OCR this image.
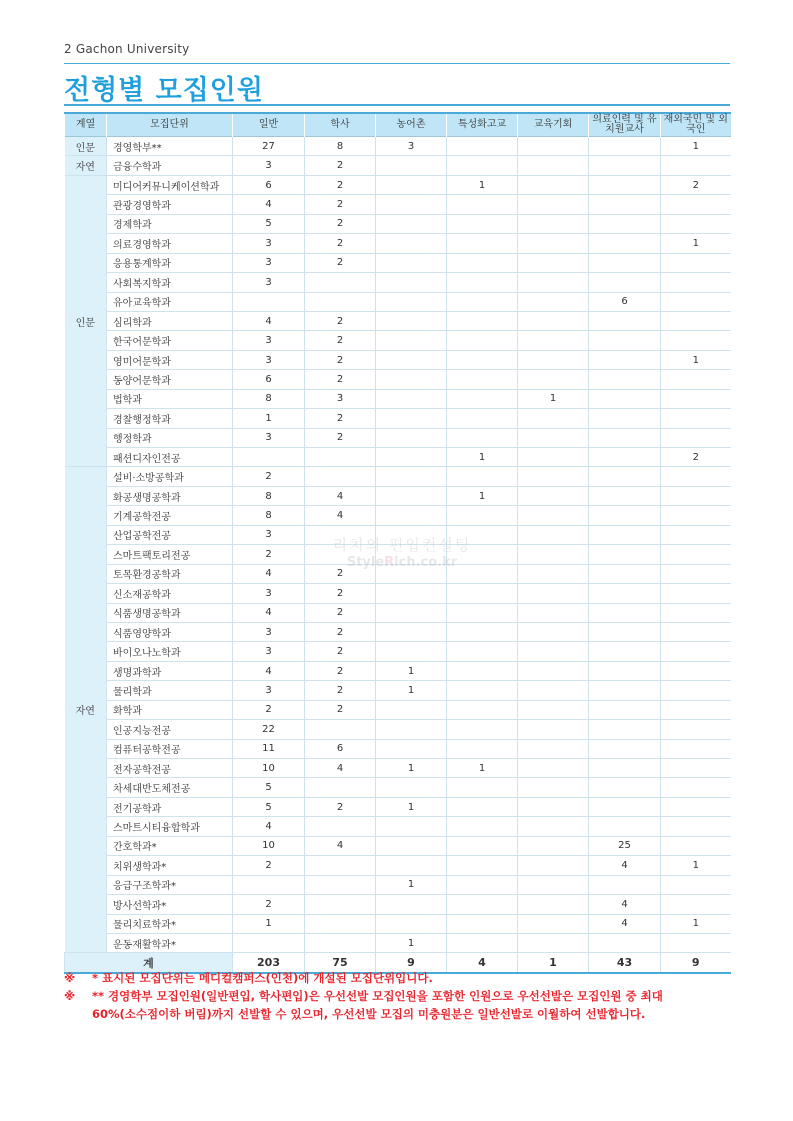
2 Gachon University
전형별 모집인원
계열	모집단위	일반	학사	농어촌	특성화고교	교육기회	의료인력 및 유치원교사	재외국민 및 외국인
인문	경영학부**	27	8	3				1
자연	금융수학과	3	2					
인문	미디어커뮤니케이션학과	6	2		1			2
	관광경영학과	4	2					
	경제학과	5	2					
	의료경영학과	3	2					1
	응용통계학과	3	2					
	사회복지학과	3						
	유아교육학과						6	
	심리학과	4	2					
	한국어문학과	3	2					
	영미어문학과	3	2					1
	동양어문학과	6	2					
	법학과	8	3			1		
	경찰행정학과	1	2					
	행정학과	3	2					
	패션디자인전공				1			2
자연	설비·소방공학과	2						
	화공생명공학과	8	4		1			
	기계공학전공	8	4					
	산업공학전공	3						
	스마트팩토리전공	2						
	토목환경공학과	4	2					
	신소재공학과	3	2					
	식품생명공학과	4	2					
	식품영양학과	3	2					
	바이오나노학과	3	2					
	생명과학과	4	2	1				
	물리학과	3	2	1				
	화학과	2	2					
	인공지능전공	22						
	컴퓨터공학전공	11	6					
	전자공학전공	10	4	1	1			
	차세대반도체전공	5						
	전기공학과	5	2	1				
	스마트시티융합학과	4						
	간호학과*	10	4				25	
	치위생학과*	2					4	1
	응급구조학과*			1				
	방사선학과*	2					4	
	물리치료학과*	1					4	1
	운동재활학과*			1				
계		203	75	9	4	1	43	9
리치의 편입컨설팅
StyleRich.co.kr
※	* 표시된 모집단위는 메디컬캠퍼스(인천)에 개설된 모집단위입니다.
※	** 경영학부 모집인원(일반편입, 학사편입)은 우선선발 모집인원을 포함한 인원으로 우선선발은 모집인원 중 최대
60%(소수점이하 버림)까지 선발할 수 있으며, 우선선발 모집의 미충원분은 일반선발로 이월하여 선발합니다.
